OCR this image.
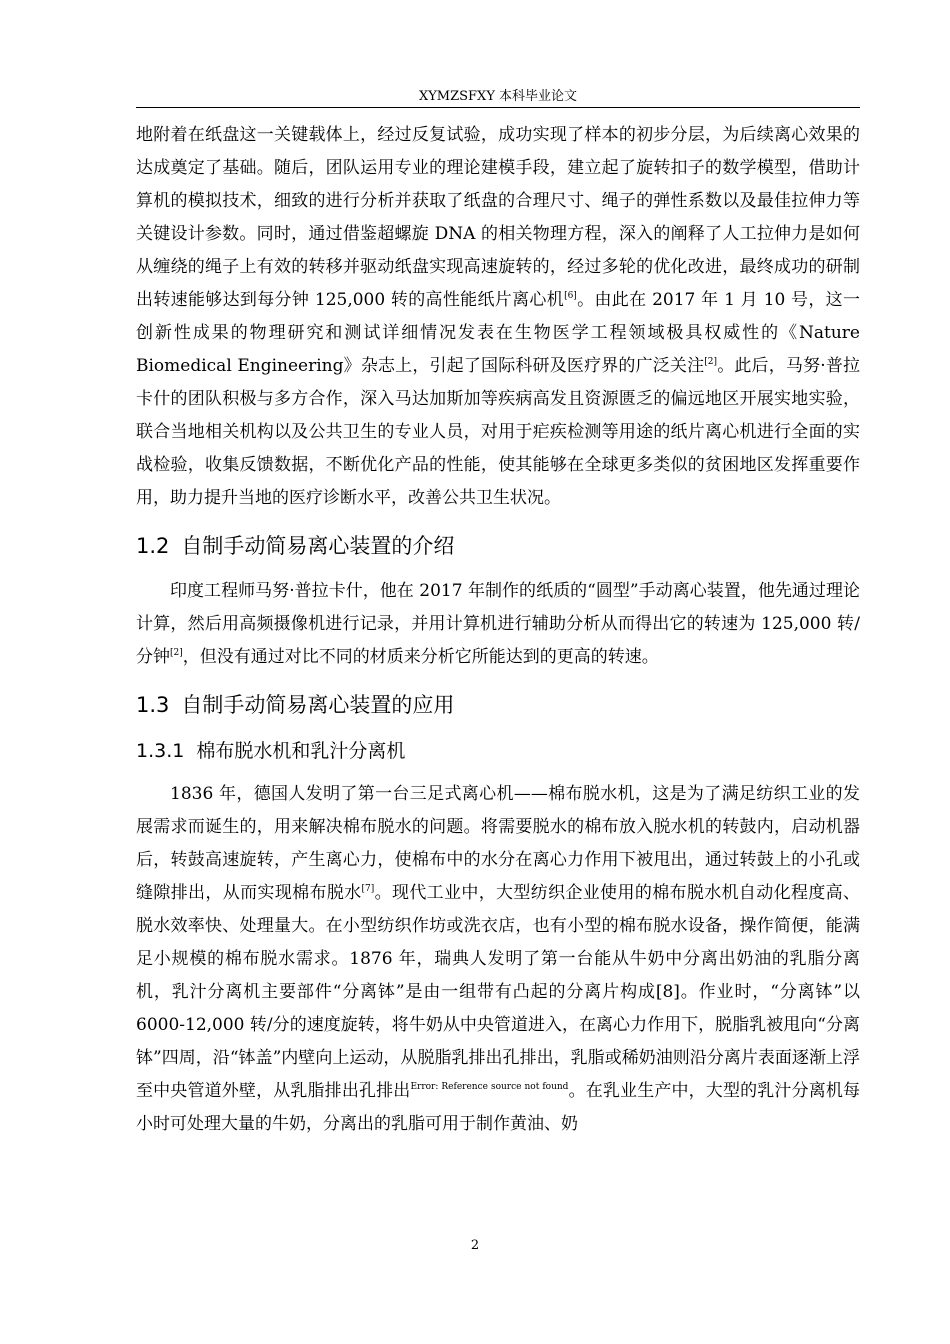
XYMZSFXY 本科毕业论文

地附着在纸盘这一关键载体上，经过反复试验，成功实现了样本的初步分层，为后续离心效果的达成奠定了基础。随后，团队运用专业的理论建模手段，建立起了旋转扣子的数学模型，借助计算机的模拟技术，细致的进行分析并获取了纸盘的合理尺寸、绳子的弹性系数以及最佳拉伸力等关键设计参数。同时，通过借鉴超螺旋 DNA 的相关物理方程，深入的阐释了人工拉伸力是如何从缠绕的绳子上有效的转移并驱动纸盘实现高速旋转的，经过多轮的优化改进，最终成功的研制出转速能够达到每分钟 125,000 转的高性能纸片离心机[6]。由此在 2017 年 1 月 10 号，这一创新性成果的物理研究和测试详细情况发表在生物医学工程领域极具权威性的《Nature Biomedical Engineering》杂志上，引起了国际科研及医疗界的广泛关注[2]。此后，马努·普拉卡什的团队积极与多方合作，深入马达加斯加等疾病高发且资源匮乏的偏远地区开展实地实验，联合当地相关机构以及公共卫生的专业人员，对用于疟疾检测等用途的纸片离心机进行全面的实战检验，收集反馈数据，不断优化产品的性能，使其能够在全球更多类似的贫困地区发挥重要作用，助力提升当地的医疗诊断水平，改善公共卫生状况。

1.2 自制手动简易离心装置的介绍

印度工程师马努·普拉卡什，他在 2017 年制作的纸质的“圆型”手动离心装置，他先通过理论计算，然后用高频摄像机进行记录，并用计算机进行辅助分析从而得出它的转速为 125,000 转/分钟[2]，但没有通过对比不同的材质来分析它所能达到的更高的转速。

1.3 自制手动简易离心装置的应用
1.3.1 棉布脱水机和乳汁分离机

1836 年，德国人发明了第一台三足式离心机——棉布脱水机，这是为了满足纺织工业的发展需求而诞生的，用来解决棉布脱水的问题。将需要脱水的棉布放入脱水机的转鼓内，启动机器后，转鼓高速旋转，产生离心力，使棉布中的水分在离心力作用下被甩出，通过转鼓上的小孔或缝隙排出，从而实现棉布脱水[7]。现代工业中，大型纺织企业使用的棉布脱水机自动化程度高、脱水效率快、处理量大。在小型纺织作坊或洗衣店，也有小型的棉布脱水设备，操作简便，能满足小规模的棉布脱水需求。1876 年，瑞典人发明了第一台能从牛奶中分离出奶油的乳脂分离机，乳汁分离机主要部件“分离钵”是由一组带有凸起的分离片构成[8]。作业时，“分离钵”以 6000-12,000 转/分的速度旋转，将牛奶从中央管道进入，在离心力作用下，脱脂乳被甩向“分离钵”四周，沿“钵盖”内壁向上运动，从脱脂乳排出孔排出，乳脂或稀奶油则沿分离片表面逐渐上浮至中央管道外壁，从乳脂排出孔排出$^{Error: Reference source not found}$。在乳业生产中，大型的乳汁分离机每小时可处理大量的牛奶，分离出的乳脂可用于制作黄油、奶

2
